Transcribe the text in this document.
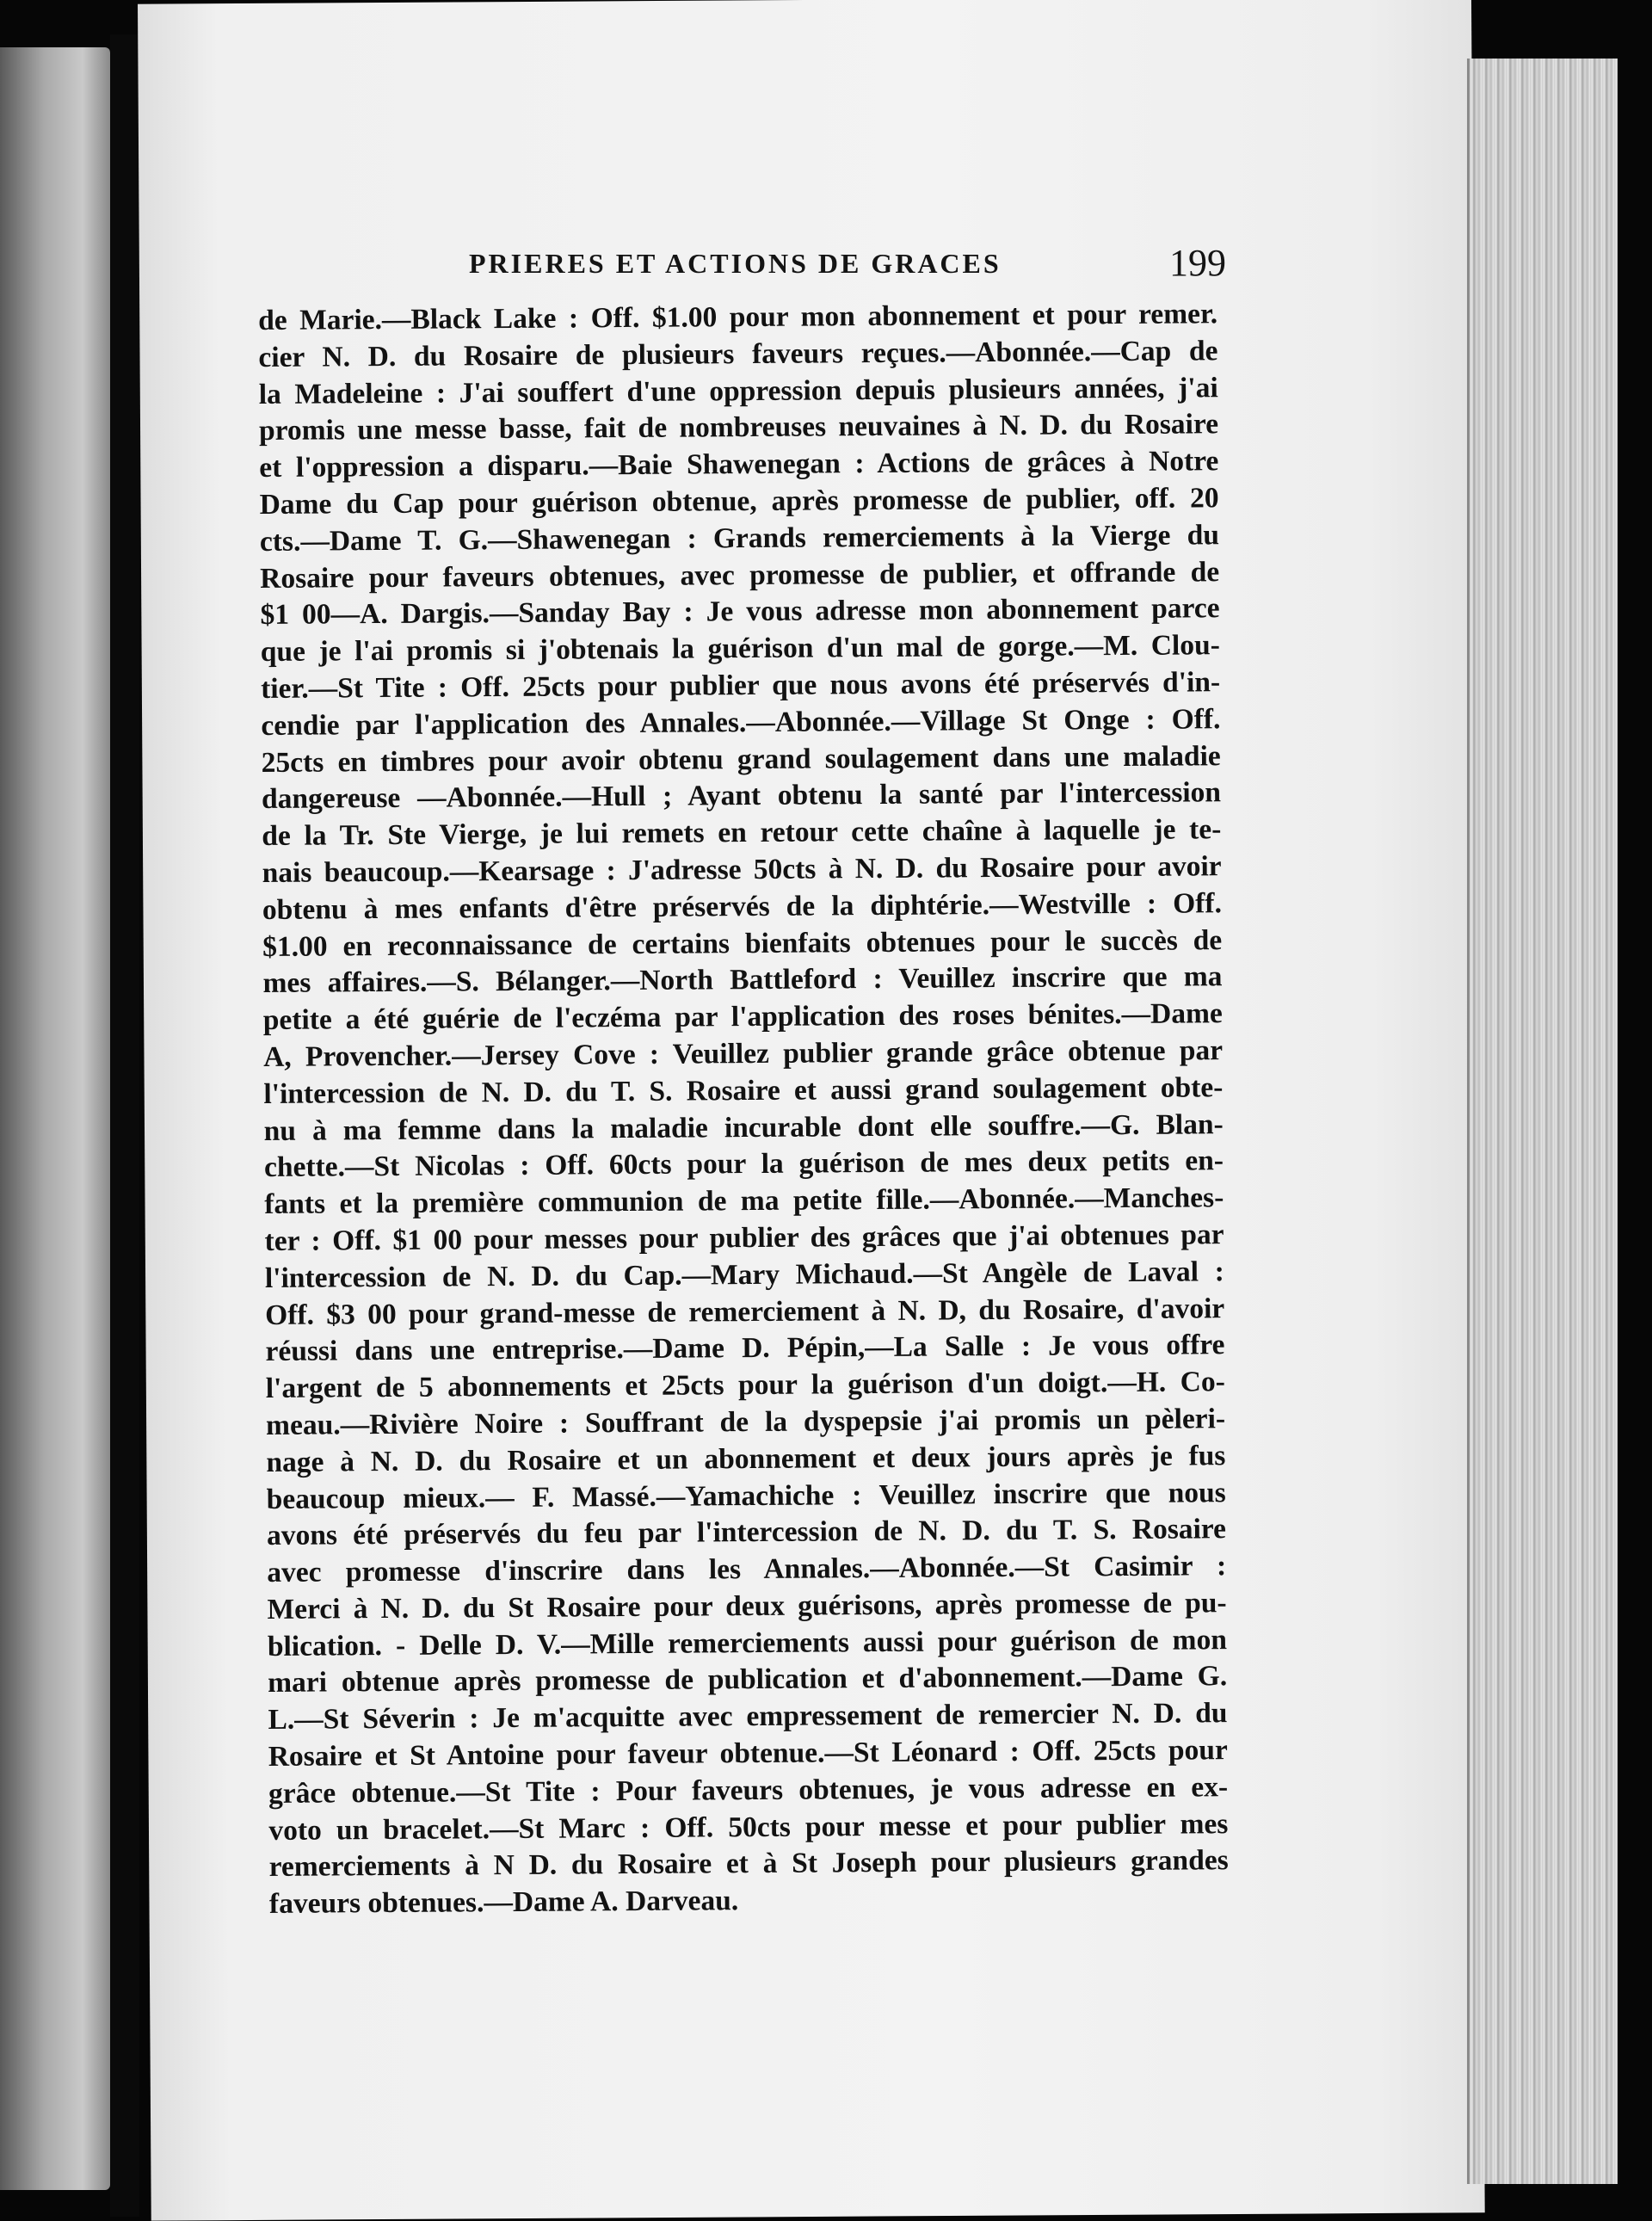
PRIERES ET ACTIONS DE GRACES	199
de Marie.—Black Lake : Off. $1.00 pour mon abonnement et pour remer.
cier N. D. du Rosaire de plusieurs faveurs reçues.—Abonnée.—Cap de
la Madeleine : J'ai souffert d'une oppression depuis plusieurs années, j'ai
promis une messe basse, fait de nombreuses neuvaines à N. D. du Rosaire
et l'oppression a disparu.—Baie Shawenegan : Actions de grâces à Notre
Dame du Cap pour guérison obtenue, après promesse de publier, off. 20
cts.—Dame T. G.—Shawenegan : Grands remerciements à la Vierge du
Rosaire pour faveurs obtenues, avec promesse de publier, et offrande de
$1 00—A. Dargis.—Sanday Bay : Je vous adresse mon abonnement parce
que je l'ai promis si j'obtenais la guérison d'un mal de gorge.—M. Clou-
tier.—St Tite : Off. 25cts pour publier que nous avons été préservés d'in-
cendie par l'application des Annales.—Abonnée.—Village St Onge : Off.
25cts en timbres pour avoir obtenu grand soulagement dans une maladie
dangereuse —Abonnée.—Hull ; Ayant obtenu la santé par l'intercession
de la Tr. Ste Vierge, je lui remets en retour cette chaîne à laquelle je te-
nais beaucoup.—Kearsage : J'adresse 50cts à N. D. du Rosaire pour avoir
obtenu à mes enfants d'être préservés de la diphtérie.—Westville : Off.
$1.00 en reconnaissance de certains bienfaits obtenues pour le succès de
mes affaires.—S. Bélanger.—North Battleford : Veuillez inscrire que ma
petite a été guérie de l'eczéma par l'application des roses bénites.—Dame
A, Provencher.—Jersey Cove : Veuillez publier grande grâce obtenue par
l'intercession de N. D. du T. S. Rosaire et aussi grand soulagement obte-
nu à ma femme dans la maladie incurable dont elle souffre.—G. Blan-
chette.—St Nicolas : Off. 60cts pour la guérison de mes deux petits en-
fants et la première communion de ma petite fille.—Abonnée.—Manches-
ter : Off. $1 00 pour messes pour publier des grâces que j'ai obtenues par
l'intercession de N. D. du Cap.—Mary Michaud.—St Angèle de Laval :
Off. $3 00 pour grand-messe de remerciement à N. D, du Rosaire, d'avoir
réussi dans une entreprise.—Dame D. Pépin,—La Salle : Je vous offre
l'argent de 5 abonnements et 25cts pour la guérison d'un doigt.—H. Co-
meau.—Rivière Noire : Souffrant de la dyspepsie j'ai promis un pèleri-
nage à N. D. du Rosaire et un abonnement et deux jours après je fus
beaucoup mieux.— F. Massé.—Yamachiche : Veuillez inscrire que nous
avons été préservés du feu par l'intercession de N. D. du T. S. Rosaire
avec promesse d'inscrire dans les Annales.—Abonnée.—St Casimir :
Merci à N. D. du St Rosaire pour deux guérisons, après promesse de pu-
blication. - Delle D. V.—Mille remerciements aussi pour guérison de mon
mari obtenue après promesse de publication et d'abonnement.—Dame G.
L.—St Séverin : Je m'acquitte avec empressement de remercier N. D. du
Rosaire et St Antoine pour faveur obtenue.—St Léonard : Off. 25cts pour
grâce obtenue.—St Tite : Pour faveurs obtenues, je vous adresse en ex-
voto un bracelet.—St Marc : Off. 50cts pour messe et pour publier mes
remerciements à N D. du Rosaire et à St Joseph pour plusieurs grandes
faveurs obtenues.—Dame A. Darveau.
